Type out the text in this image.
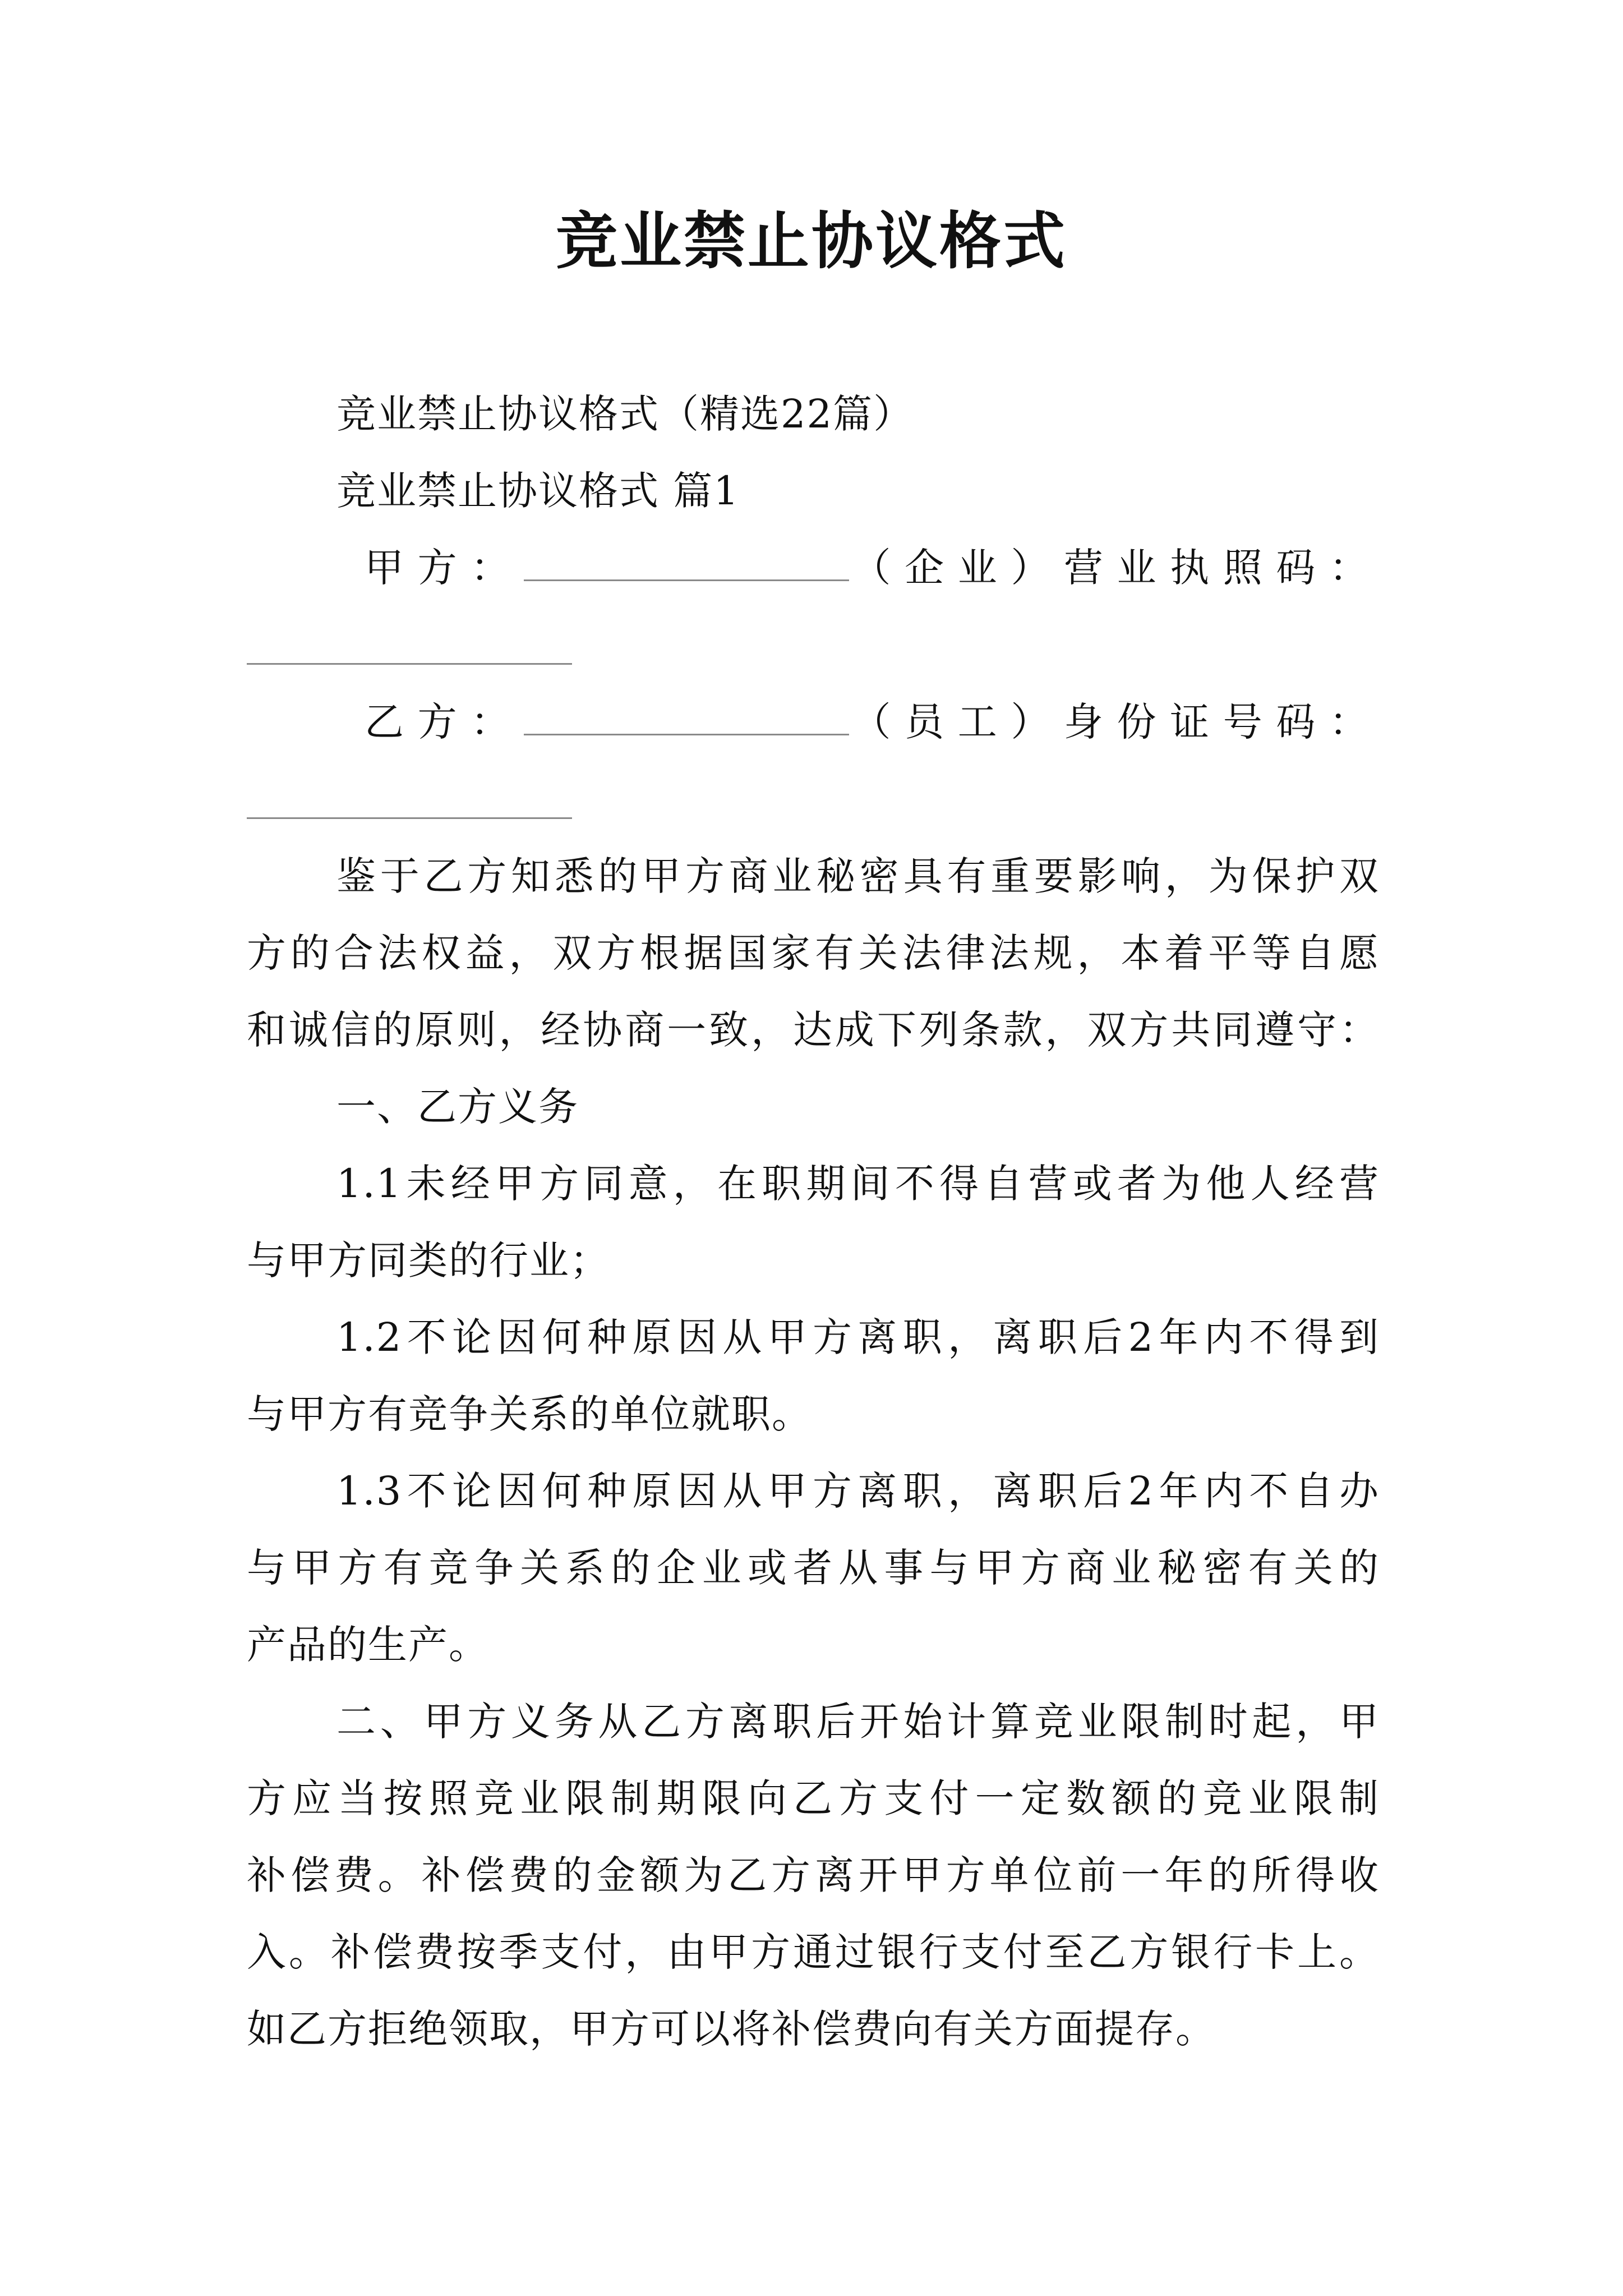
竞业禁止协议格式
竞业禁止协议格式（精选22篇）
竞业禁止协议格式 篇1
甲方：	（企业）营业执照码：
乙方：	（员工）身份证号码：
鉴于乙方知悉的甲方商业秘密具有重要影响，为保护双
方的合法权益，双方根据国家有关法律法规，本着平等自愿
和诚信的原则，经协商一致，达成下列条款，双方共同遵守：
一、乙方义务
1.1未经甲方同意，在职期间不得自营或者为他人经营
与甲方同类的行业；
1.2不论因何种原因从甲方离职，离职后2年内不得到
与甲方有竞争关系的单位就职。
1.3不论因何种原因从甲方离职，离职后2年内不自办
与甲方有竞争关系的企业或者从事与甲方商业秘密有关的
产品的生产。
二、甲方义务从乙方离职后开始计算竞业限制时起，甲
方应当按照竞业限制期限向乙方支付一定数额的竞业限制
补偿费。补偿费的金额为乙方离开甲方单位前一年的所得收
入。补偿费按季支付，由甲方通过银行支付至乙方银行卡上。
如乙方拒绝领取，甲方可以将补偿费向有关方面提存。
